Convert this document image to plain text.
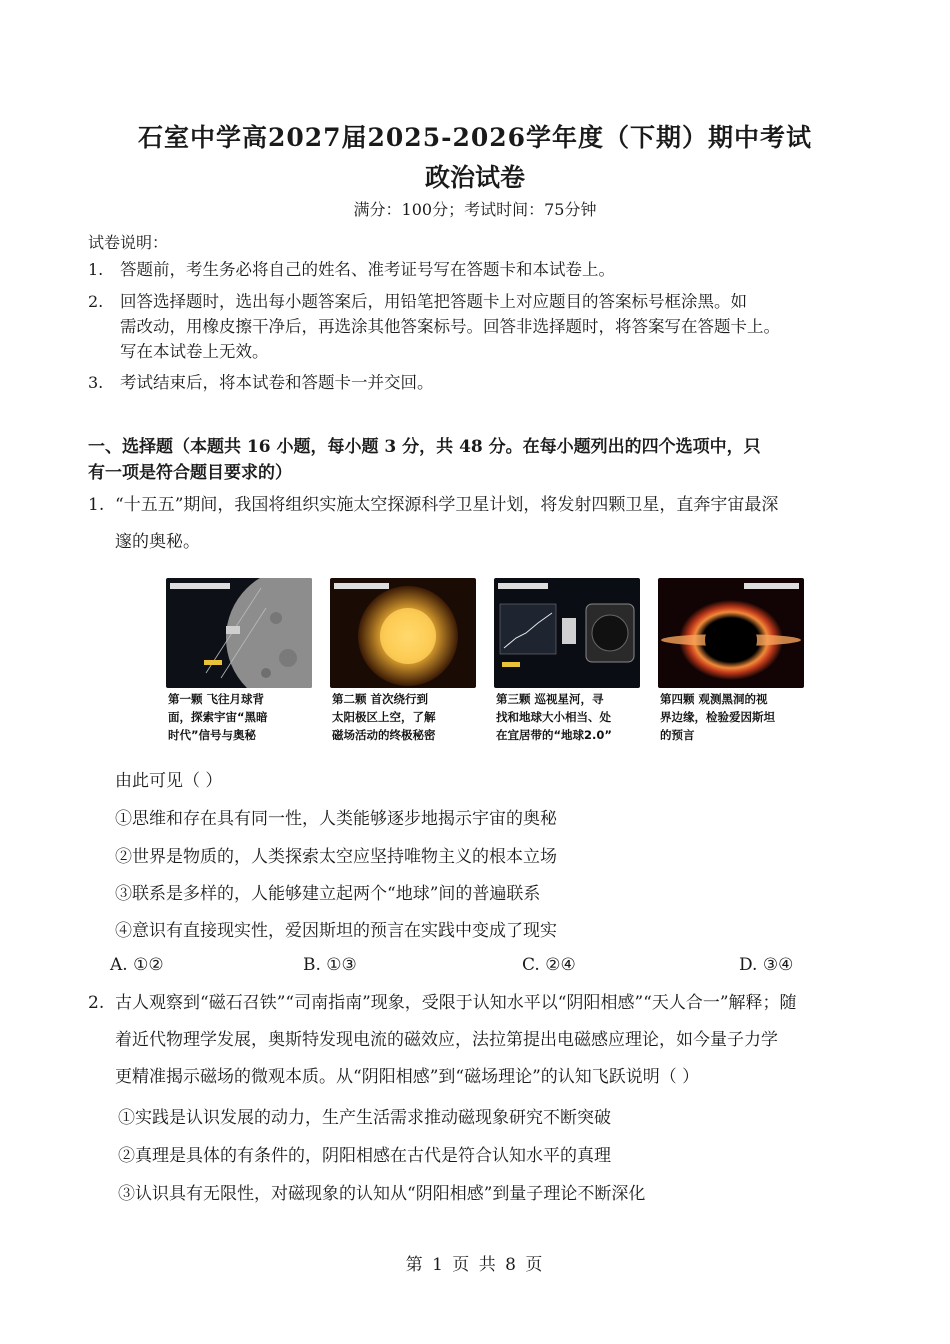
石室中学高2027届2025-2026学年度（下期）期中考试
政治试卷
满分：100分；考试时间：75分钟
试卷说明：
1. 答题前，考生务必将自己的姓名、准考证号写在答题卡和本试卷上。
2. 回答选择题时，选出每小题答案后，用铅笔把答题卡上对应题目的答案标号框涂黑。如
需改动，用橡皮擦干净后，再选涂其他答案标号。回答非选择题时，将答案写在答题卡上。
写在本试卷上无效。
3. 考试结束后，将本试卷和答题卡一并交回。
一、选择题（本题共 16 小题，每小题 3 分，共 48 分。在每小题列出的四个选项中，只
有一项是符合题目要求的）
1. “十五五”期间，我国将组织实施太空探源科学卫星计划，将发射四颗卫星，直奔宇宙最深
邃的奥秘。
第一颗 飞往月球背
面，探索宇宙“黑暗
时代”信号与奥秘
第二颗 首次绕行到
太阳极区上空，了解
磁场活动的终极秘密
第三颗 巡视星河，寻
找和地球大小相当、处
在宜居带的“地球2.0”
第四颗 观测黑洞的视
界边缘，检验爱因斯坦
的预言
由此可见（ ）
①思维和存在具有同一性，人类能够逐步地揭示宇宙的奥秘
②世界是物质的，人类探索太空应坚持唯物主义的根本立场
③联系是多样的，人能够建立起两个“地球”间的普遍联系
④意识有直接现实性，爱因斯坦的预言在实践中变成了现实
A. ①②	B. ①③	C. ②④	D. ③④
2. 古人观察到“磁石召铁”“司南指南”现象，受限于认知水平以“阴阳相感”“天人合一”解释；随
着近代物理学发展，奥斯特发现电流的磁效应，法拉第提出电磁感应理论，如今量子力学
更精准揭示磁场的微观本质。从“阴阳相感”到“磁场理论”的认知飞跃说明（ ）
①实践是认识发展的动力，生产生活需求推动磁现象研究不断突破
②真理是具体的有条件的，阴阳相感在古代是符合认知水平的真理
③认识具有无限性，对磁现象的认知从“阴阳相感”到量子理论不断深化
第 1 页 共 8 页
